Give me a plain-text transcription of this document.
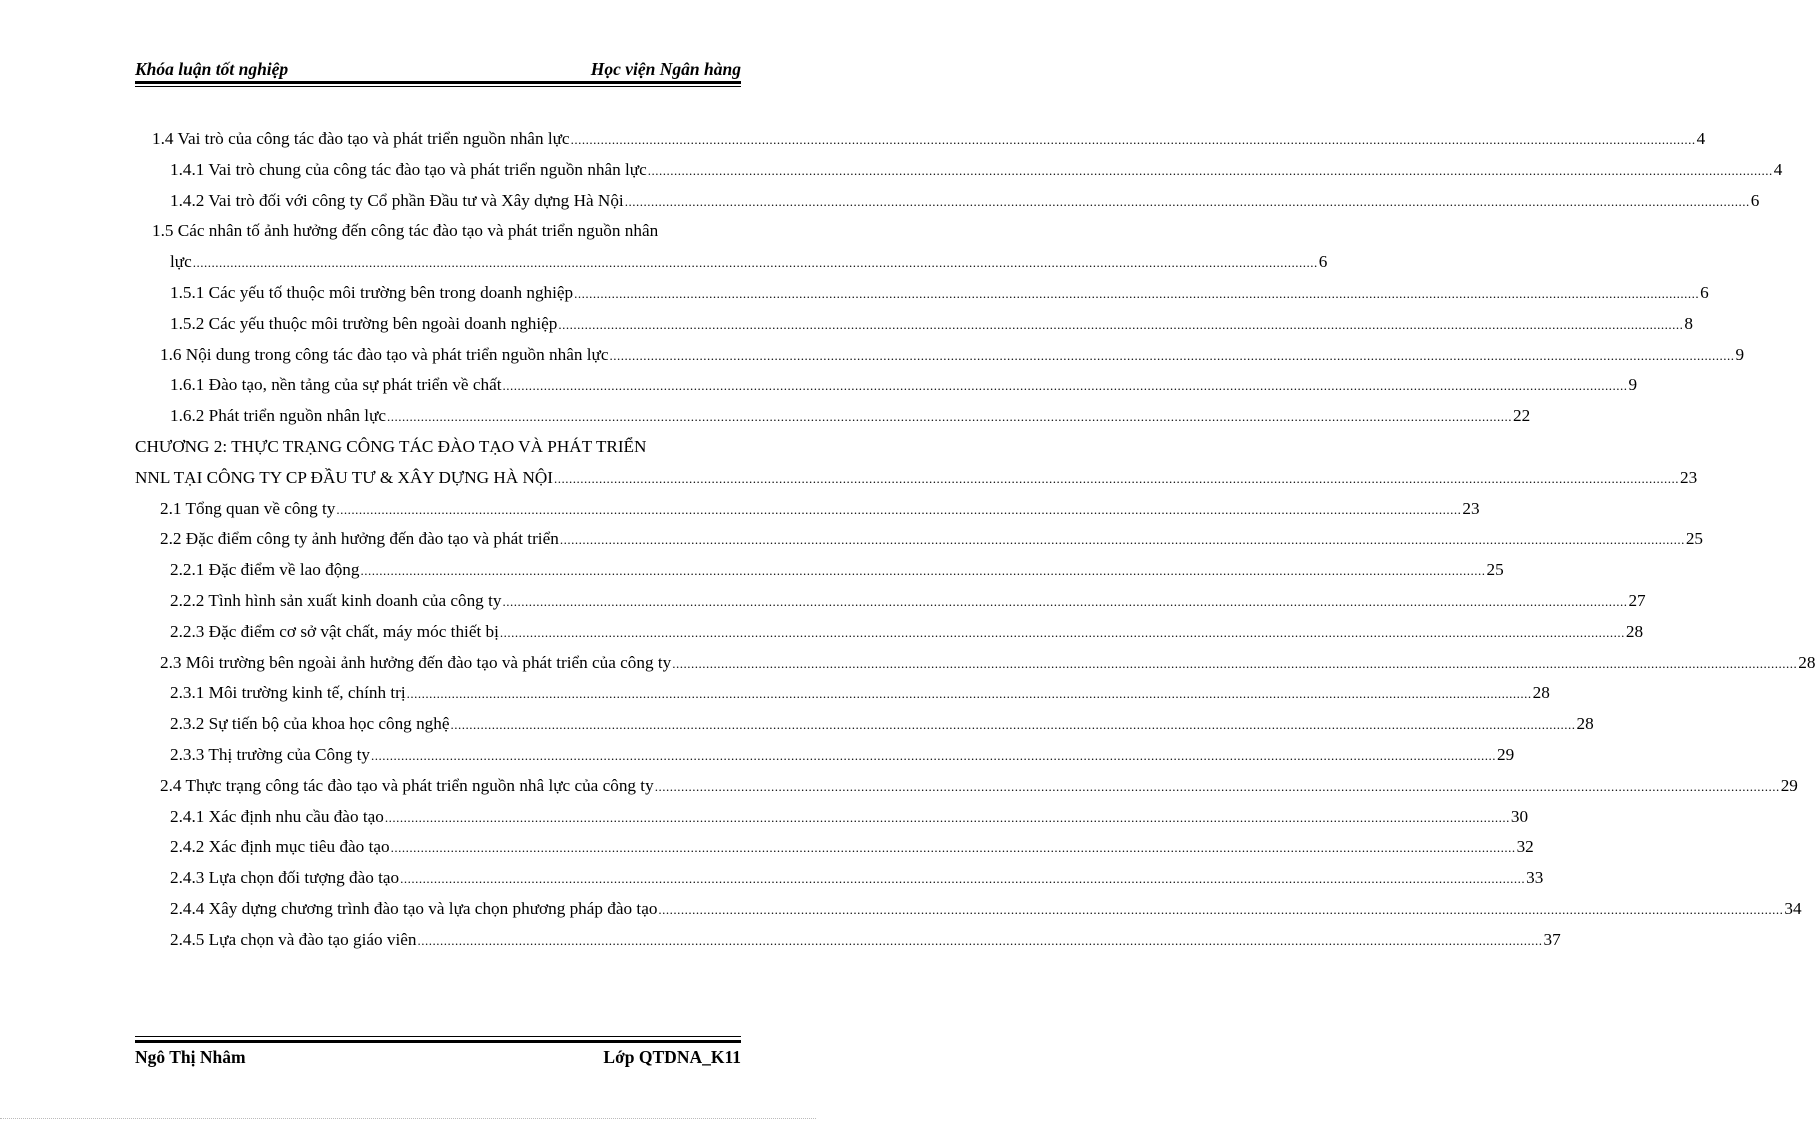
Khóa luận tốt nghiệp	Học viện Ngân hàng
1.4 Vai trò của công tác đào tạo và phát triển nguồn nhân lực ............................................................................................................................................................................................................................................................................................................ 4
1.4.1 Vai trò chung của công tác đào tạo và phát triển nguồn nhân lực ............................................................................................................................................................................................................................................................................................................ 4
1.4.2 Vai trò đối với công ty Cổ phần Đầu tư và Xây dựng Hà Nội ............................................................................................................................................................................................................................................................................................................ 6
1.5 Các nhân tố ảnh hưởng đến công tác đào tạo và phát triển nguồn nhân
lực ............................................................................................................................................................................................................................................................................................................ 6
1.5.1 Các yếu tố thuộc môi trường bên trong doanh nghiệp ............................................................................................................................................................................................................................................................................................................ 6
1.5.2 Các yếu thuộc môi trường bên ngoài doanh nghiệp ............................................................................................................................................................................................................................................................................................................ 8
1.6 Nội dung trong công tác đào tạo và phát triển nguồn nhân lực ............................................................................................................................................................................................................................................................................................................ 9
1.6.1 Đào tạo, nền tảng của sự phát triển về chất ............................................................................................................................................................................................................................................................................................................ 9
1.6.2 Phát triển nguồn nhân lực ............................................................................................................................................................................................................................................................................................................ 22
CHƯƠNG 2: THỰC TRẠNG CÔNG TÁC ĐÀO TẠO VÀ PHÁT TRIỂN
NNL TẠI CÔNG TY CP ĐẦU TƯ & XÂY DỰNG HÀ NỘI ............................................................................................................................................................................................................................................................................................................ 23
2.1 Tổng quan về công ty ............................................................................................................................................................................................................................................................................................................ 23
2.2 Đặc điểm công ty ảnh hưởng đến đào tạo và phát triển ............................................................................................................................................................................................................................................................................................................ 25
2.2.1 Đặc điểm về lao động ............................................................................................................................................................................................................................................................................................................ 25
2.2.2 Tình hình sản xuất kinh doanh của công ty ............................................................................................................................................................................................................................................................................................................ 27
2.2.3 Đặc điểm cơ sở vật chất, máy móc thiết bị ............................................................................................................................................................................................................................................................................................................ 28
2.3 Môi trường bên ngoài ảnh hưởng đến đào tạo và phát triển của công ty ............................................................................................................................................................................................................................................................................................................ 28
2.3.1 Môi trường kinh tế, chính trị ............................................................................................................................................................................................................................................................................................................ 28
2.3.2 Sự tiến bộ của khoa học công nghệ ............................................................................................................................................................................................................................................................................................................ 28
2.3.3 Thị trường của Công ty ............................................................................................................................................................................................................................................................................................................ 29
2.4 Thực trạng công tác đào tạo và phát triển nguồn nhâ lực của công ty ............................................................................................................................................................................................................................................................................................................ 29
2.4.1 Xác định nhu cầu đào tạo ............................................................................................................................................................................................................................................................................................................ 30
2.4.2 Xác định mục tiêu đào tạo ............................................................................................................................................................................................................................................................................................................ 32
2.4.3 Lựa chọn đối tượng đào tạo ............................................................................................................................................................................................................................................................................................................ 33
2.4.4 Xây dựng chương trình đào tạo và lựa chọn phương pháp đào tạo ............................................................................................................................................................................................................................................................................................................ 34
2.4.5 Lựa chọn và đào tạo giáo viên ............................................................................................................................................................................................................................................................................................................ 37
Ngô Thị Nhâm	Lớp QTDNA_K11
